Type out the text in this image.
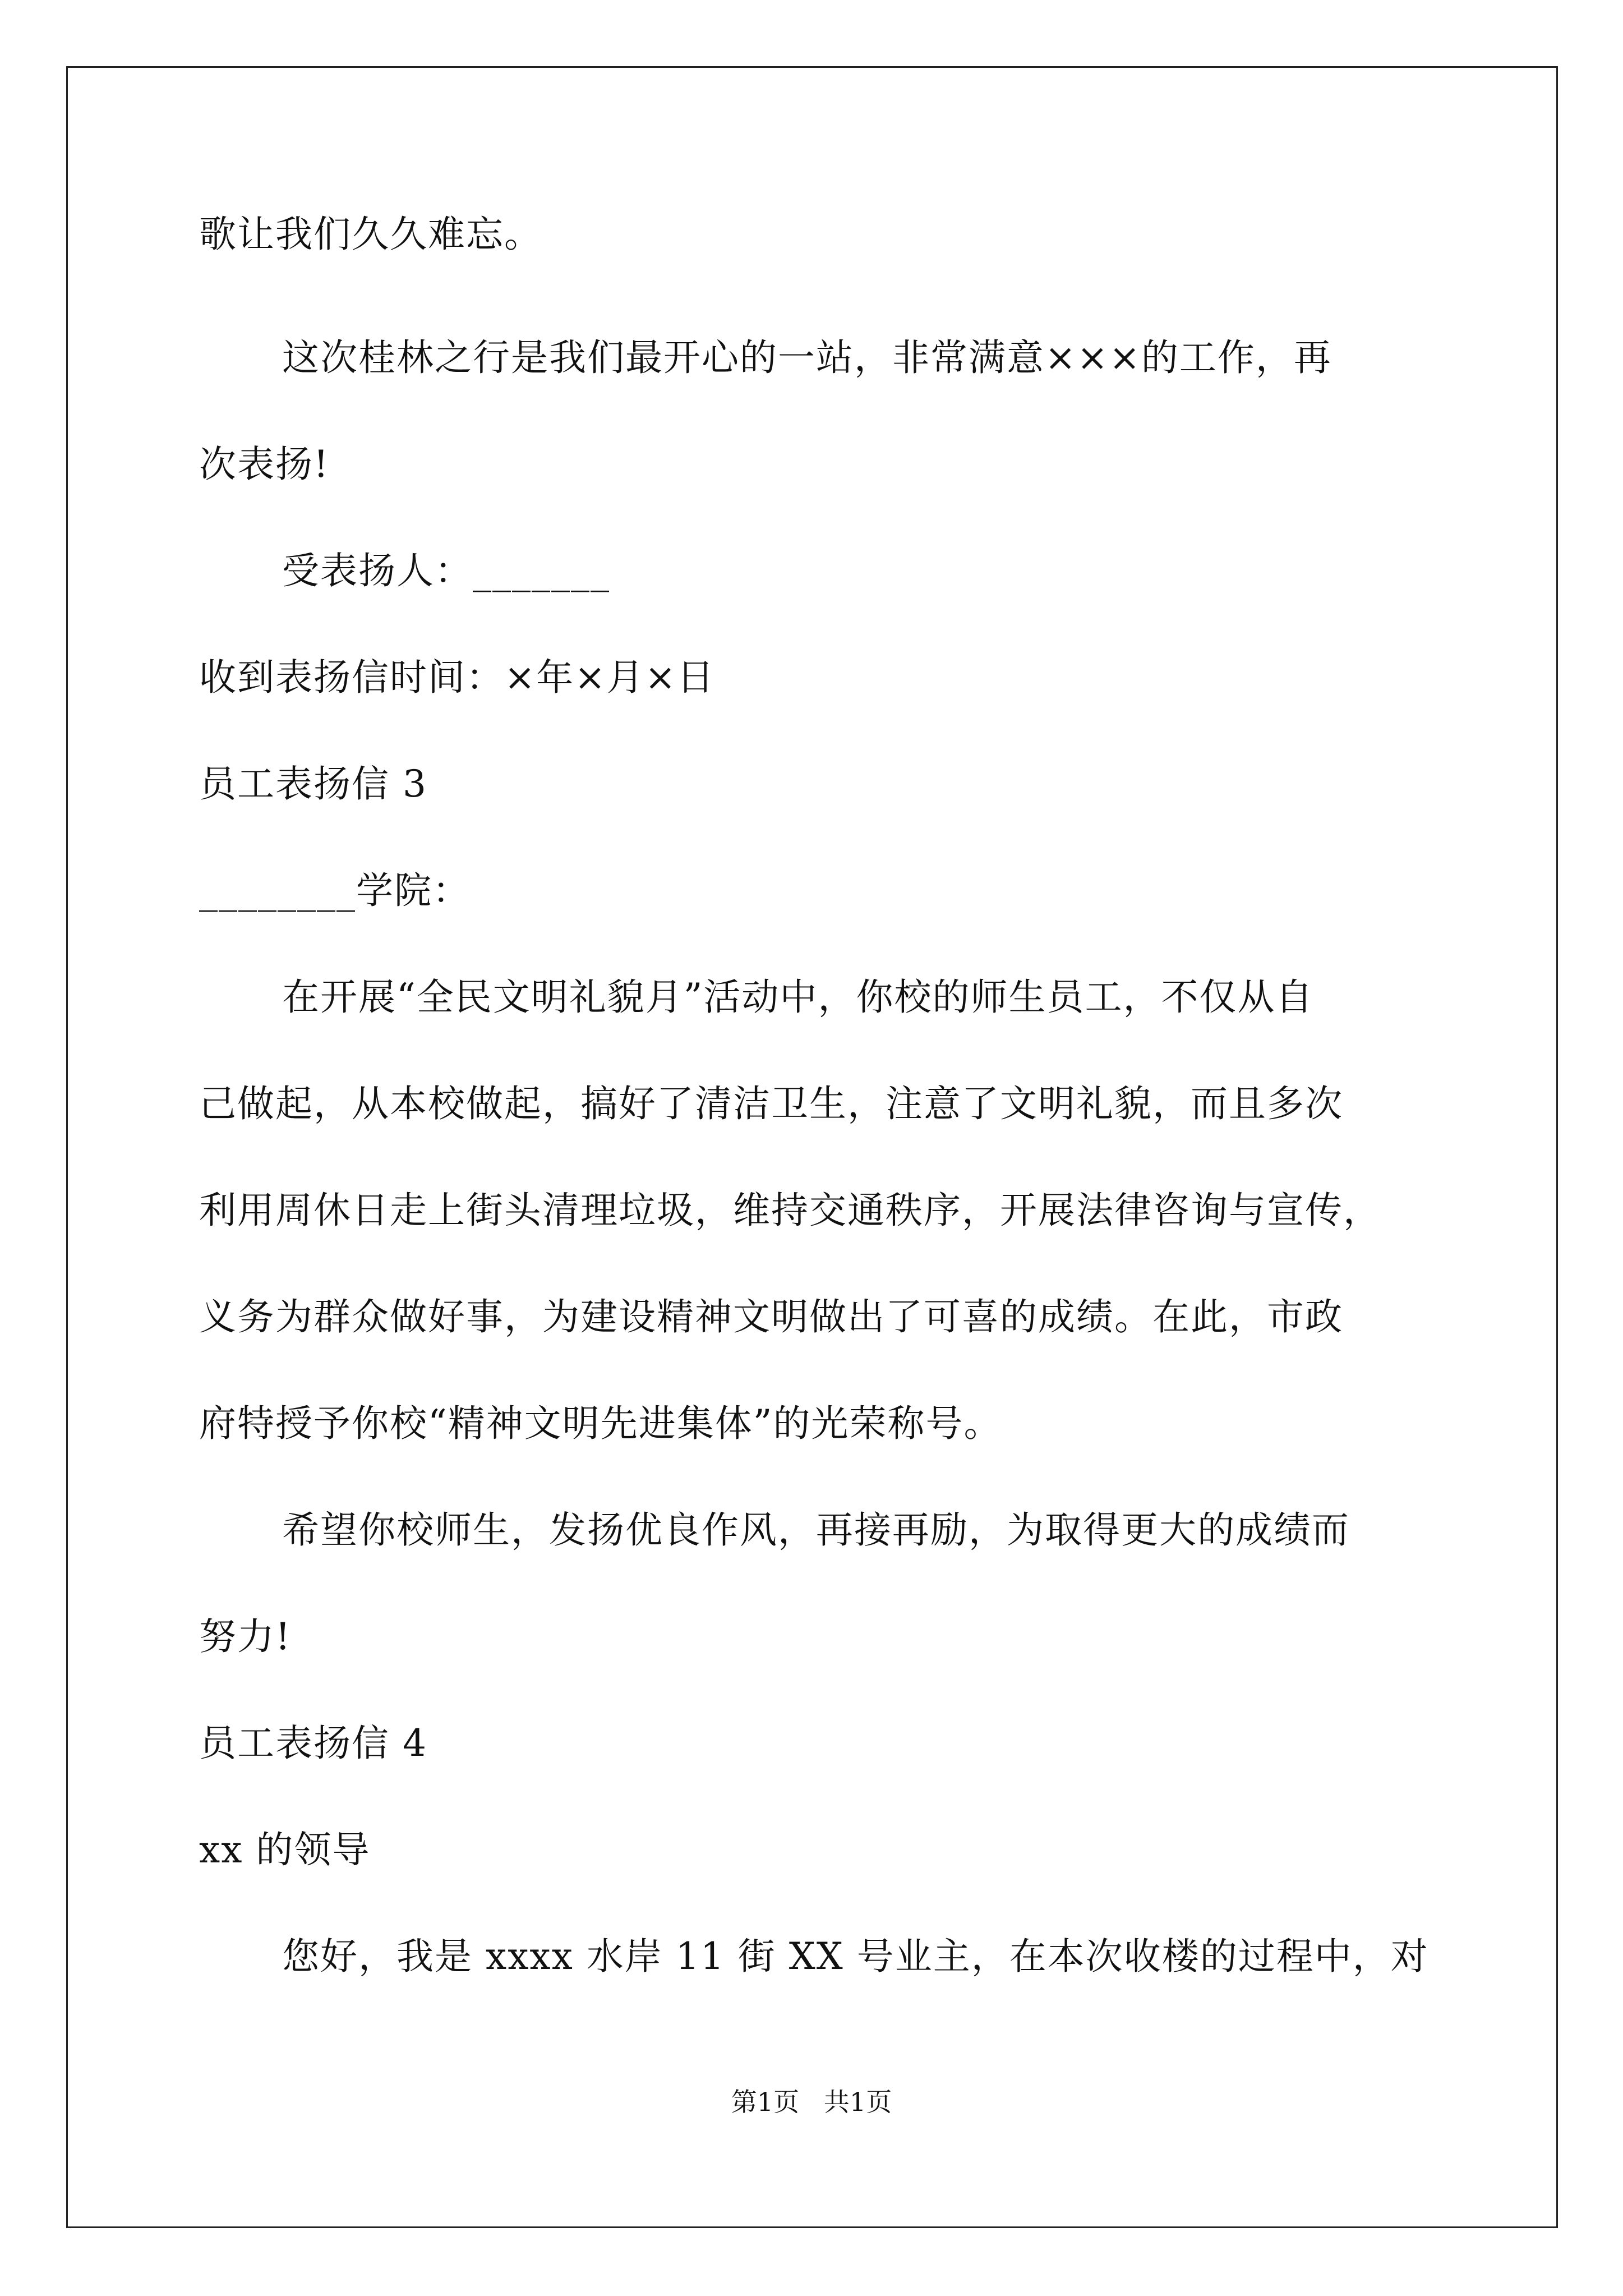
歌让我们久久难忘。
这次桂林之行是我们最开心的一站，非常满意×××的工作，再
次表扬!
受表扬人：_______
收到表扬信时间：×年×月×日
员工表扬信 3
________学院：
在开展“全民文明礼貌月”活动中，你校的师生员工，不仅从自
己做起，从本校做起，搞好了清洁卫生，注意了文明礼貌，而且多次
利用周休日走上街头清理垃圾，维持交通秩序，开展法律咨询与宣传，
义务为群众做好事，为建设精神文明做出了可喜的成绩。在此，市政
府特授予你校“精神文明先进集体”的光荣称号。
希望你校师生，发扬优良作风，再接再励，为取得更大的成绩而
努力!
员工表扬信 4
xx 的领导
您好，我是 xxxx 水岸 11 街 XX 号业主，在本次收楼的过程中，对
第1页   共1页
